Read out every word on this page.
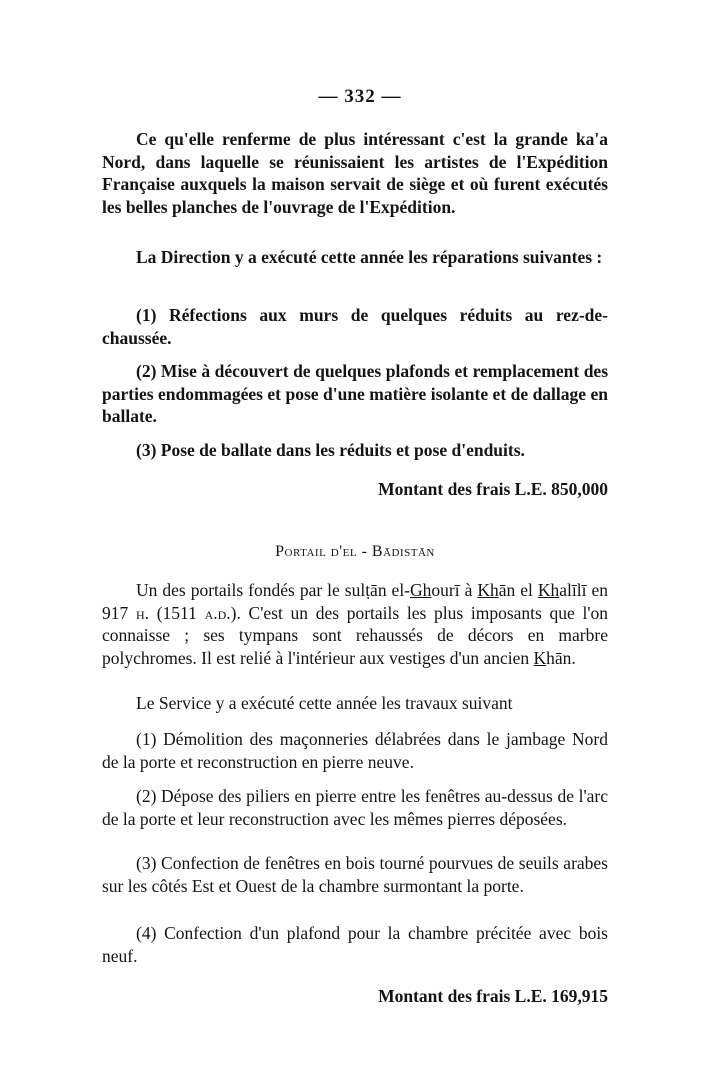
— 332 —

Ce qu'elle renferme de plus intéressant c'est la grande ka'a Nord, dans laquelle se réunissaient les artistes de l'Expédition Française auxquels la maison servait de siège et où furent exécutés les belles planches de l'ouvrage de l'Expédition.

La Direction y a exécuté cette année les réparations suivantes :

(1) Réfections aux murs de quelques réduits au rez-de-chaussée.

(2) Mise à découvert de quelques plafonds et remplacement des parties endommagées et pose d'une matière isolante et de dallage en ballate.

(3) Pose de ballate dans les réduits et pose d'enduits.

Montant des frais L.E. 850,000
Portail d'el - Bādistān

Un des portails fondés par le sulṭān el-Ghourī à Khān el Khalīlī en 917 h. (1511 a.d.). C'est un des portails les plus imposants que l'on connaisse ; ses tympans sont rehaussés de décors en marbre polychromes. Il est relié à l'intérieur aux vestiges d'un ancien Khān.

Le Service y a exécuté cette année les travaux suivant

(1) Démolition des maçonneries délabrées dans le jambage Nord de la porte et reconstruction en pierre neuve.

(2) Dépose des piliers en pierre entre les fenêtres au-dessus de l'arc de la porte et leur reconstruction avec les mêmes pierres déposées.

(3) Confection de fenêtres en bois tourné pourvues de seuils arabes sur les côtés Est et Ouest de la chambre surmontant la porte.

(4) Confection d'un plafond pour la chambre précitée avec bois neuf.

Montant des frais L.E. 169,915
